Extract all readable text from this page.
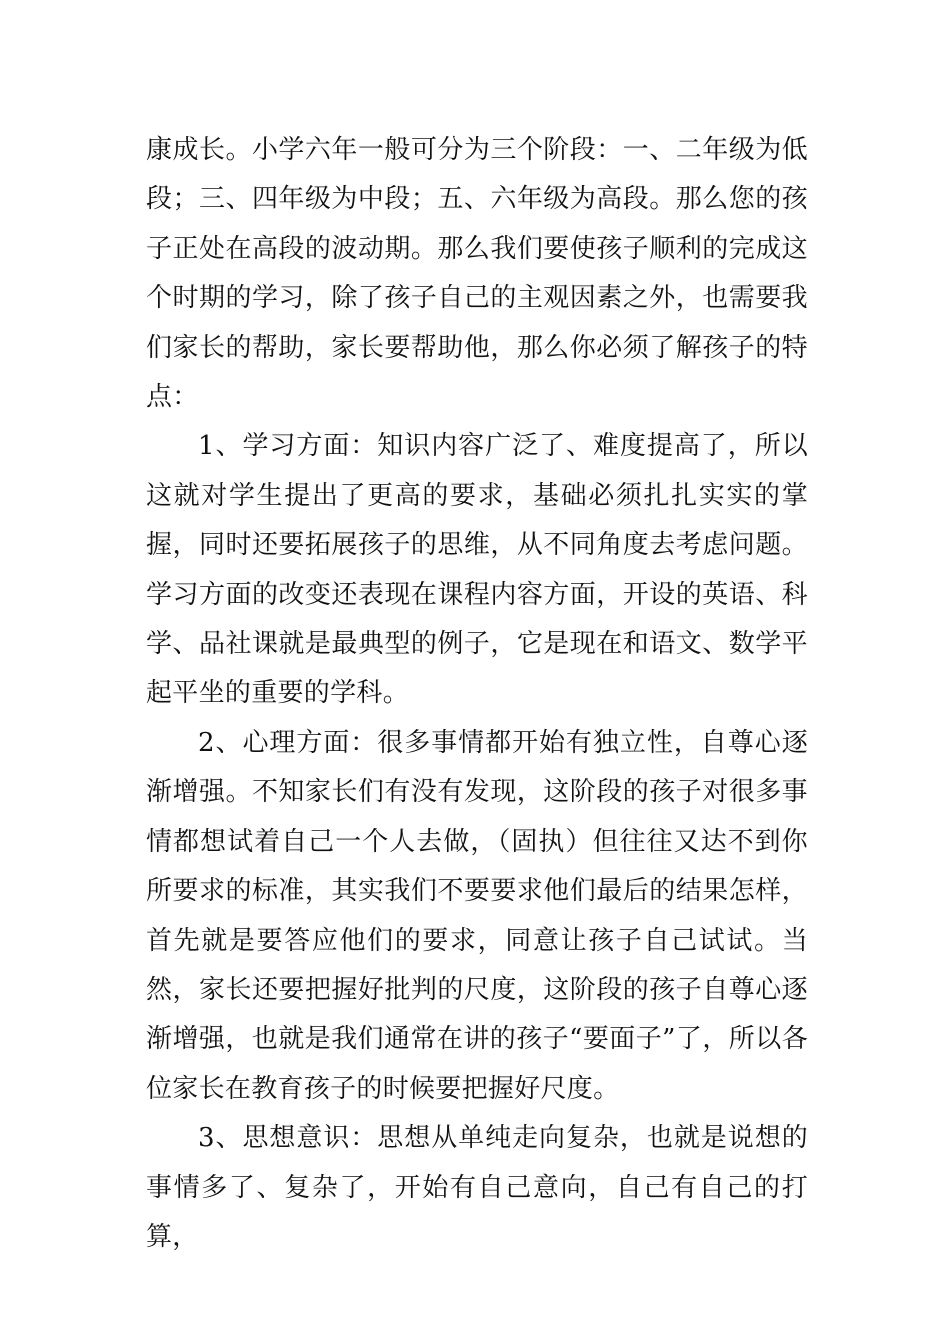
康成长。小学六年一般可分为三个阶段：一、二年级为低段；三、四年级为中段；五、六年级为高段。那么您的孩子正处在高段的波动期。那么我们要使孩子顺利的完成这个时期的学习，除了孩子自己的主观因素之外，也需要我们家长的帮助，家长要帮助他，那么你必须了解孩子的特点：

1、学习方面：知识内容广泛了、难度提高了，所以这就对学生提出了更高的要求，基础必须扎扎实实的掌握，同时还要拓展孩子的思维，从不同角度去考虑问题。学习方面的改变还表现在课程内容方面，开设的英语、科学、品社课就是最典型的例子，它是现在和语文、数学平起平坐的重要的学科。

2、心理方面：很多事情都开始有独立性，自尊心逐渐增强。不知家长们有没有发现，这阶段的孩子对很多事情都想试着自己一个人去做，（固执）但往往又达不到你所要求的标准，其实我们不要要求他们最后的结果怎样，首先就是要答应他们的要求，同意让孩子自己试试。当然，家长还要把握好批判的尺度，这阶段的孩子自尊心逐渐增强，也就是我们通常在讲的孩子“要面子”了，所以各位家长在教育孩子的时候要把握好尺度。

3、思想意识：思想从单纯走向复杂，也就是说想的事情多了、复杂了，开始有自己意向，自己有自己的打算，
